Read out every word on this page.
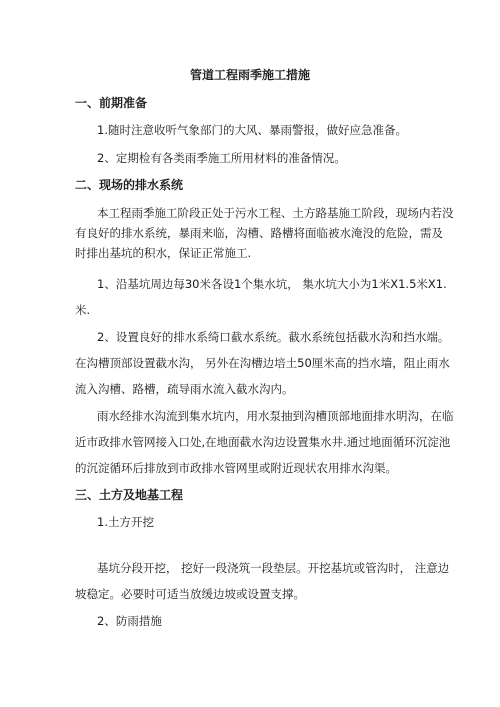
管道工程雨季施工措施
一、前期准备
1.随时注意收听气象部门的大风、暴雨警报，做好应急准备。
2、定期检有各类雨季施工所用材料的准备情况。
二、现场的排水系统
本工程雨季施工阶段正处于污水工程、土方路基施工阶段，现场内若没
有良好的排水系统，暴雨来临，沟槽、路槽将面临被水淹没的危险，需及
时排出基坑的积水，保证正常施工.
1、沿基坑周边每30米各设1个集水坑， 集水坑大小为1米X1.5米X1.
米.
2、设置良好的排水系绮口截水系统。截水系统包括截水沟和挡水端。
在沟槽顶部设置截水沟， 另外在沟槽边培土50厘米高的挡水墙，阻止雨水
流入沟槽、路槽，疏导雨水流入截水沟内。
雨水经排水沟流到集水坑内，用水泵抽到沟槽顶部地面排水明沟，在临
近市政排水管网接入口处,在地面截水沟边设置集水井.通过地面循环沉淀池
的沉淀循环后排放到市政排水管网里或附近现状农用排水沟渠。
三、土方及地基工程
1.土方开挖
基坑分段开挖， 挖好一段浇筑一段垫层。开挖基坑或管沟时， 注意边
坡稳定。必要时可适当放缓边坡或设置支撑。
2、防雨措施
